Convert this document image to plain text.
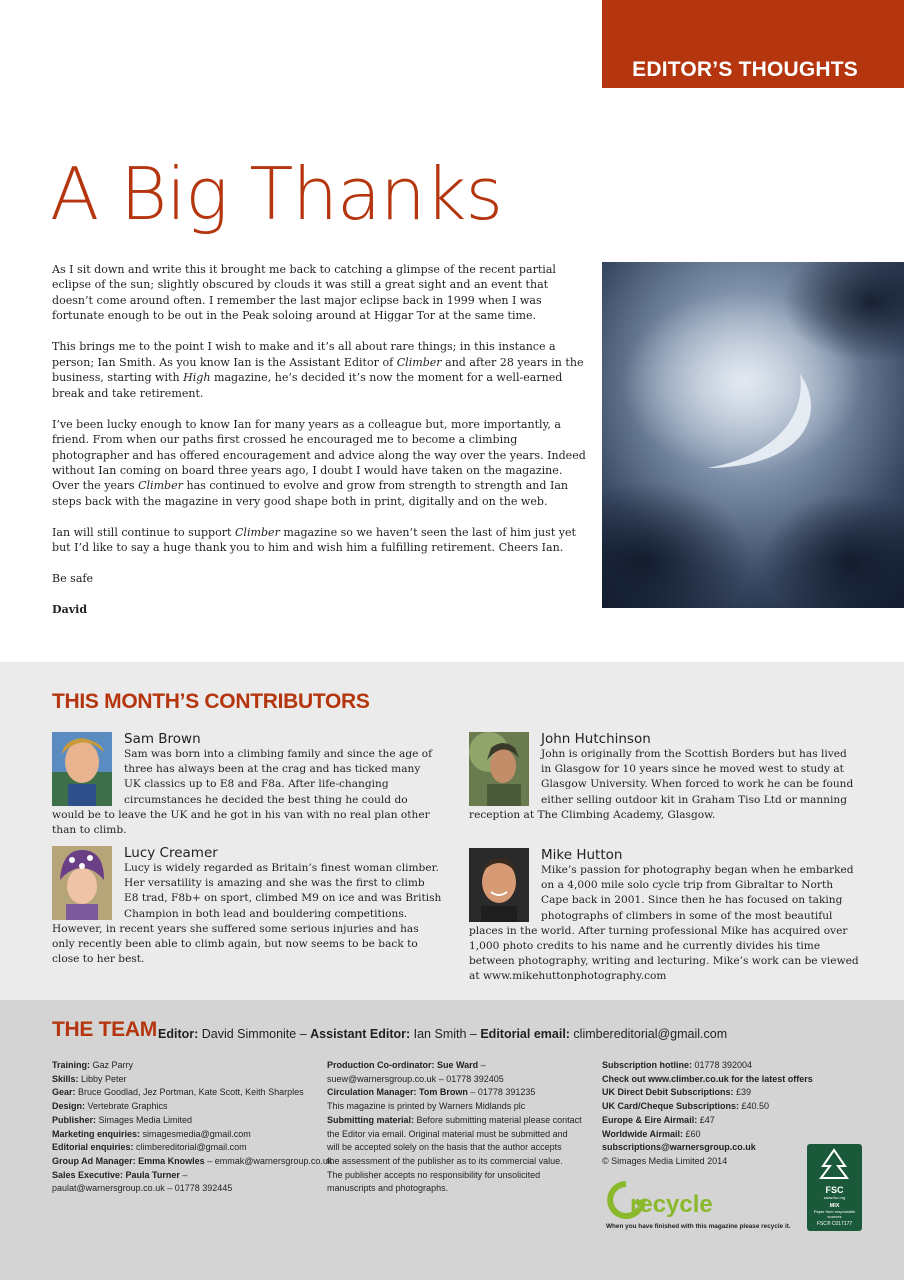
EDITOR’S THOUGHTS
A Big Thanks

As I sit down and write this it brought me back to catching a glimpse of the recent partial eclipse of the sun; slightly obscured by clouds it was still a great sight and an event that doesn’t come around often. I remember the last major eclipse back in 1999 when I was fortunate enough to be out in the Peak soloing around at Higgar Tor at the same time.

This brings me to the point I wish to make and it’s all about rare things; in this instance a person; Ian Smith. As you know Ian is the Assistant Editor of Climber and after 28 years in the business, starting with High magazine, he’s decided it’s now the moment for a well-earned break and take retirement.

I’ve been lucky enough to know Ian for many years as a colleague but, more importantly, a friend. From when our paths first crossed he encouraged me to become a climbing photographer and has offered encouragement and advice along the way over the years. Indeed without Ian coming on board three years ago, I doubt I would have taken on the magazine. Over the years Climber has continued to evolve and grow from strength to strength and Ian steps back with the magazine in very good shape both in print, digitally and on the web.

Ian will still continue to support Climber magazine so we haven’t seen the last of him just yet but I’d like to say a huge thank you to him and wish him a fulfilling retirement. Cheers Ian.

Be safe

David

THIS MONTH’S CONTRIBUTORS
Sam Brown

Sam was born into a climbing family and since the age of three has always been at the crag and has ticked many UK classics up to E8 and F8a. After life-changing circumstances he decided the best thing he could do would be to leave the UK and he got in his van with no real plan other than to climb.

John Hutchinson

John is originally from the Scottish Borders but has lived in Glasgow for 10 years since he moved west to study at Glasgow University. When forced to work he can be found either selling outdoor kit in Graham Tiso Ltd or manning reception at The Climbing Academy, Glasgow.

Lucy Creamer

Lucy is widely regarded as Britain’s finest woman climber. Her versatility is amazing and she was the first to climb E8 trad, F8b+ on sport, climbed M9 on ice and was British Champion in both lead and bouldering competitions. However, in recent years she suffered some serious injuries and has only recently been able to climb again, but now seems to be back to close to her best.

Mike Hutton

Mike’s passion for photography began when he embarked on a 4,000 mile solo cycle trip from Gibraltar to North Cape back in 2001. Since then he has focused on taking photographs of climbers in some of the most beautiful places in the world. After turning professional Mike has acquired over 1,000 photo credits to his name and he currently divides his time between photography, writing and lecturing. Mike’s work can be viewed at www.mikehuttonphotography.com

THE TEAM Editor: David Simmonite – Assistant Editor: Ian Smith – Editorial email: climbereditorial@gmail.com
Training: Gaz Parry
Skills: Libby Peter
Gear: Bruce Goodlad, Jez Portman, Kate Scott, Keith Sharples
Design: Vertebrate Graphics
Publisher: Simages Media Limited
Marketing enquiries: simagesmedia@gmail.com
Editorial enquiries: climbereditorial@gmail.com
Group Ad Manager: Emma Knowles – emmak@warnersgroup.co.uk
Sales Executive: Paula Turner –
paulat@warnersgroup.co.uk – 01778 392445
Production Co-ordinator: Sue Ward –
suew@warnersgroup.co.uk – 01778 392405
Circulation Manager: Tom Brown – 01778 391235
This magazine is printed by Warners Midlands plc
Submitting material: Before submitting material please contact
the Editor via email. Original material must be submitted and
will be accepted solely on the basis that the author accepts
the assessment of the publisher as to its commercial value.
The publisher accepts no responsibility for unsolicited
manuscripts and photographs.
Subscription hotline: 01778 392004
Check out www.climber.co.uk for the latest offers
UK Direct Debit Subscriptions: £39
UK Card/Cheque Subscriptions: £40.50
Europe & Eire Airmail: £47
Worldwide Airmail: £60
subscriptions@warnersgroup.co.uk
© Simages Media Limited 2014
recycle
When you have finished with this magazine please recycle it.
FSC
www.fsc.org
MIX
Paper from responsible sources
FSC® C017177
